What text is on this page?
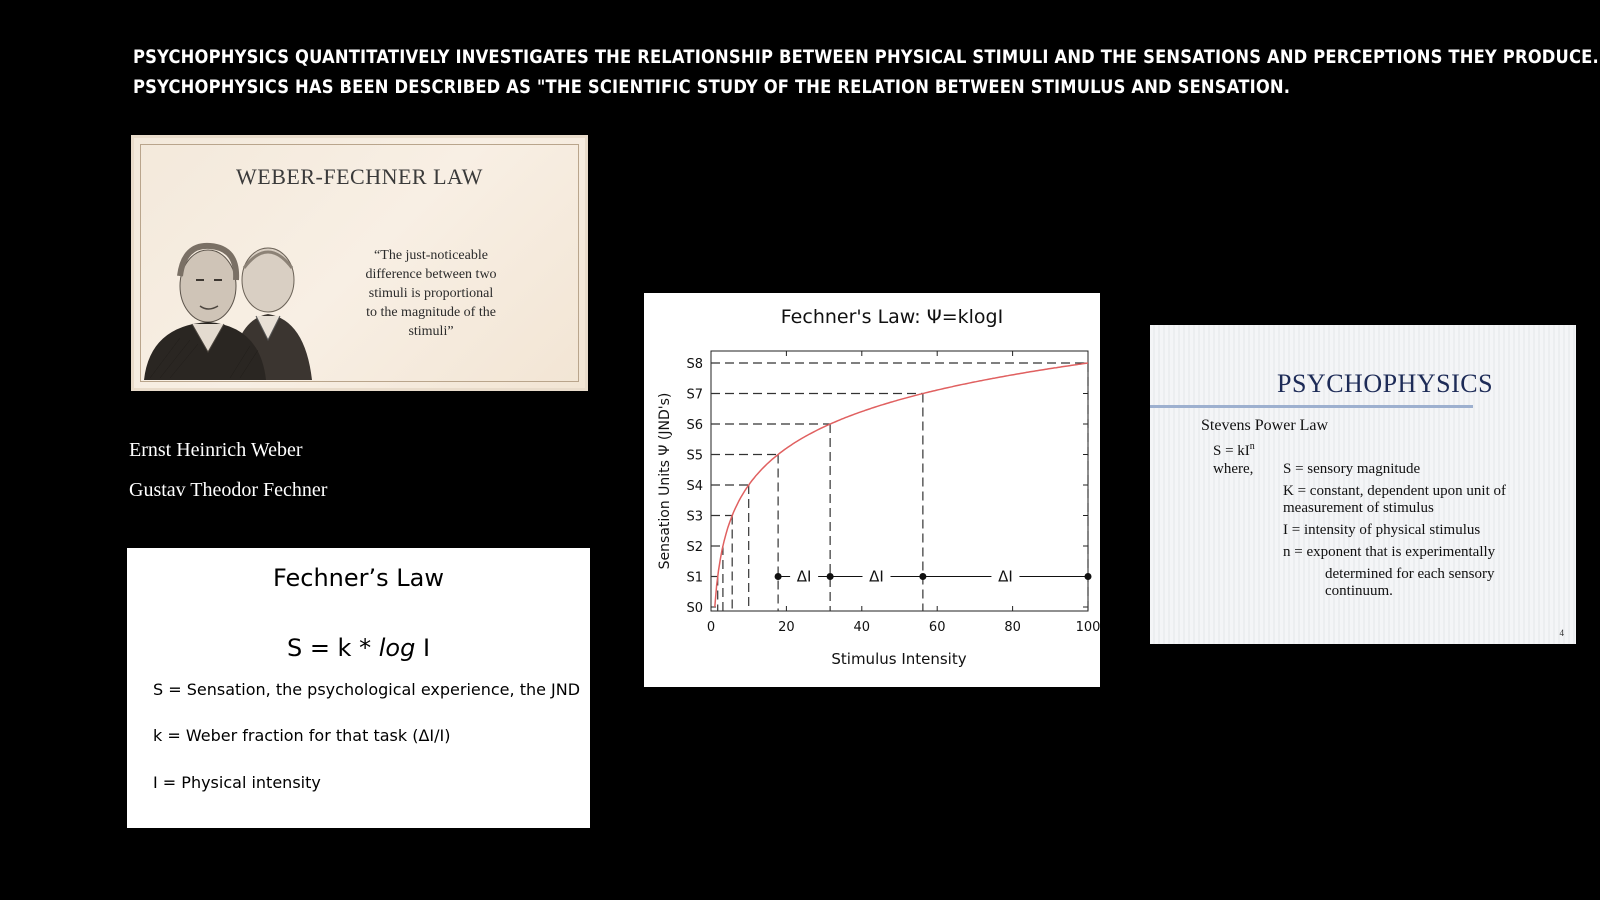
PSYCHOPHYSICS QUANTITATIVELY INVESTIGATES THE RELATIONSHIP BETWEEN PHYSICAL STIMULI AND THE SENSATIONS AND PERCEPTIONS THEY PRODUCE.
PSYCHOPHYSICS HAS BEEN DESCRIBED AS "THE SCIENTIFIC STUDY OF THE RELATION BETWEEN STIMULUS AND SENSATION.
WEBER-FECHNER LAW
“The just-noticeable
difference between two
stimuli is proportional
to the magnitude of the
stimuli”
Ernst Heinrich Weber
Gustav Theodor Fechner
Fechner’s Law
S = k * log I
S = Sensation, the psychological experience, the JND
k = Weber fraction for that task (ΔI/I)
I = Physical intensity
Fechner's Law: Ψ=klogI
S0
S1
S2
S3
S4
S5
S6
S7
S8
0	20	40	60	80	100
ΔI	ΔI	ΔI
Stimulus Intensity
Sensation Units Ψ (JND's)
PSYCHOPHYSICS
Stevens Power Law
$S = kI^n$
where, S = sensory magnitude
K = constant, dependent upon unit of
measurement of stimulus
I = intensity of physical stimulus
n = exponent that is experimentally
determined for each sensory
continuum.
4
